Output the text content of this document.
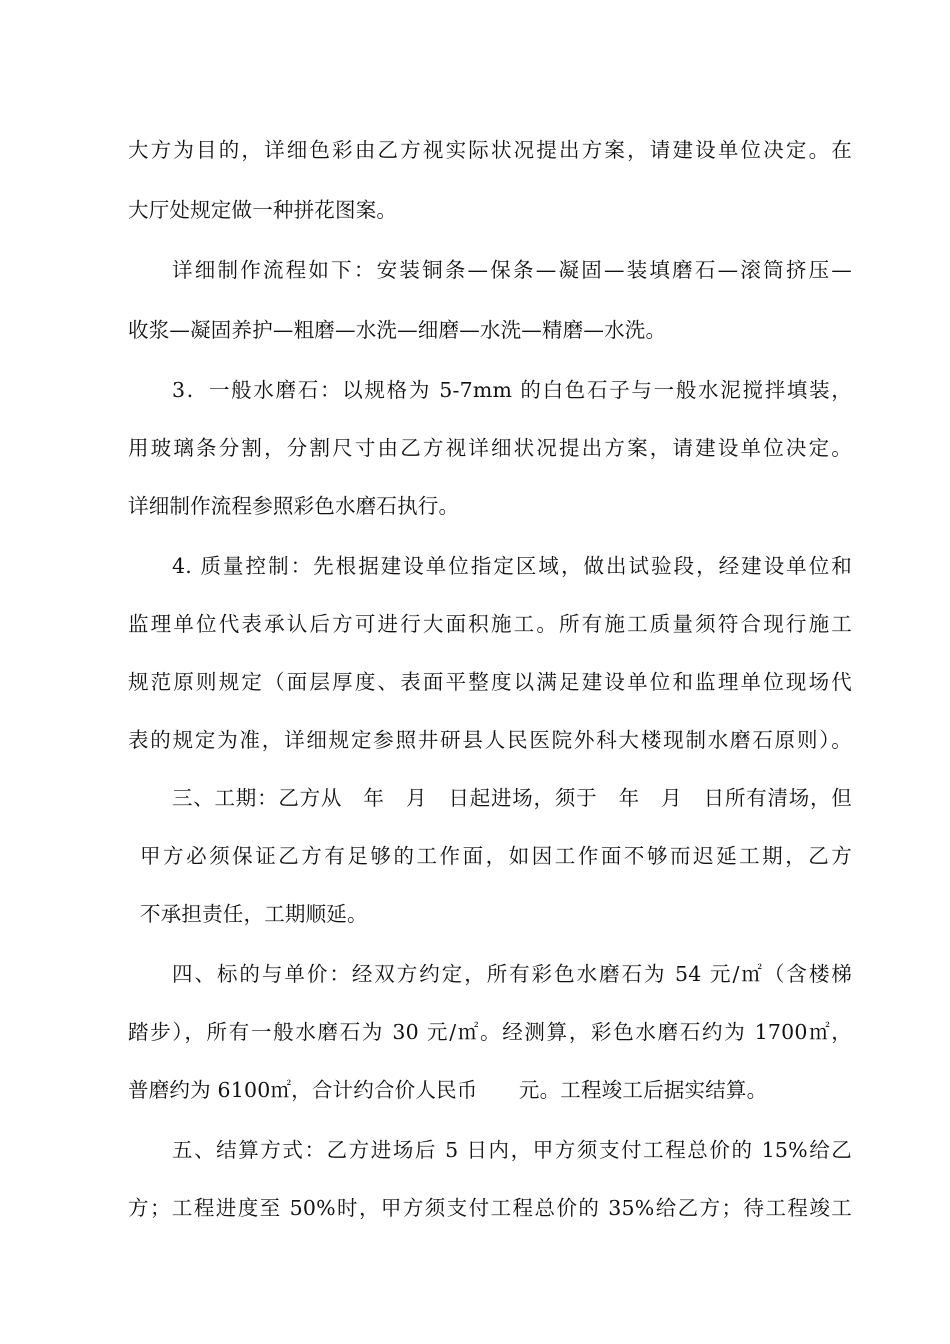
大方为目的，详细色彩由乙方视实际状况提出方案，请建设单位决定。在
大厅处规定做一种拼花图案。
详细制作流程如下：安装铜条—保条—凝固—装填磨石—滚筒挤压—
收浆—凝固养护—粗磨—水洗—细磨—水洗—精磨—水洗。
3．一般水磨石：以规格为 5-7mm 的白色石子与一般水泥搅拌填装，
用玻璃条分割，分割尺寸由乙方视详细状况提出方案，请建设单位决定。
详细制作流程参照彩色水磨石执行。
4. 质量控制：先根据建设单位指定区域，做出试验段，经建设单位和
监理单位代表承认后方可进行大面积施工。所有施工质量须符合现行施工
规范原则规定（面层厚度、表面平整度以满足建设单位和监理单位现场代
表的规定为准，详细规定参照井研县人民医院外科大楼现制水磨石原则）。
三、工期：乙方从　年　月　日起进场，须于　年　月　日所有清场，但
甲方必须保证乙方有足够的工作面，如因工作面不够而迟延工期，乙方
不承担责任，工期顺延。
四、标的与单价：经双方约定，所有彩色水磨石为 54 元/㎡（含楼梯
踏步），所有一般水磨石为 30 元/㎡。经测算，彩色水磨石约为 1700㎡，
普磨约为 6100㎡，合计约合价人民币　　元。工程竣工后据实结算。
五、结算方式：乙方进场后 5 日内，甲方须支付工程总价的 15%给乙
方；工程进度至 50%时，甲方须支付工程总价的 35%给乙方；待工程竣工
